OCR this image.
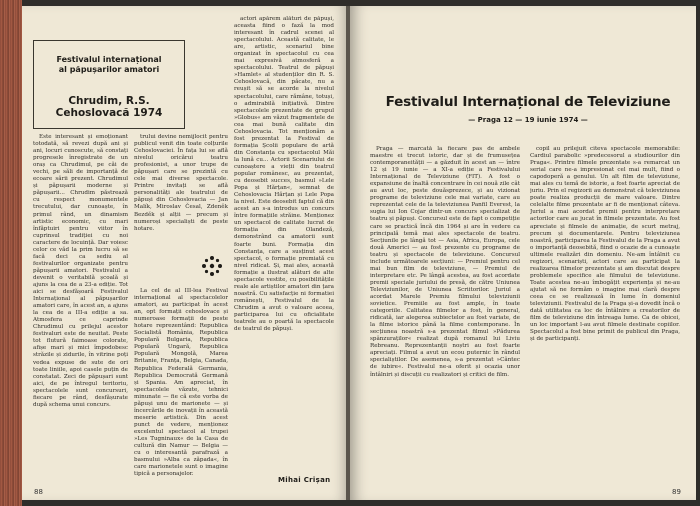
Festivalul internațional
al păpușarilor amatori
Chrudim, R.S. Cehoslovacă 1974

Este interesant și emoționant totodată, să revezi după ani și ani, locuri cunoscute, să constați progresele înregistrate de un oraș ca Chrudimul, pe căi de vechi, pe săli de importanță de ecoare sării prezent. Chrudimul și păpușarii moderne și păpușarii... Chrudim păstrează cu respect monumentele trecutului, dar cunoaște, în primul rând, un dinamism artistic economic, cu mari înfăptuiri pentru viitor în cuprinsul tradiției cu noi caractere de locuință. Dar voiesc celor ce văd la prim lucru să se facă deci ca sediu al festivalurilor organizate pentru păpușarii amatori. Festivalul a devenit o veritabilă școală și ajuns la cea de a 23-a ediție. Tot aici se desfășoară Festivalul Internațional al păpușarilor amatori care, în acest an, a ajuns la cea de a III-a ediție a sa. Atmosfera ce caprinde Chrudimul cu prilejul acestor festivaluri este de neuitat. Peste tot flutură faimoase colorate, afișe mari și mici împodobesc străzile și zidurile, în vitrine poți vedea expuse de sute de ori toate liniile, apoi casele puțin de constatat. Zeci de păpușari sunt aici, de pe întregul teritoriu, spectacolele sunt concursuri, fiecare pe rând, desfășurate după schema unui concurs.

trului devine nemijlocit pentru publicul venit din toate colțurile Cehoslovaciei. În fața lui se află nivelul oricărui teatru profesionist, a unor trupe de păpușari care se prezintă cu cele mai diverse spectacole. Printre invitați se află personalități ale teatrului de păpuși din Cehoslovacia — Jan Malík, Miroslav Česal, Zdeněk Bezděk și alții — precum și numeroși specialiști de peste hotare.

La cel de al III-lea Festival internațional al spectacolelor amatori, au participat în acest an, opt formații cehoslovace și numeroase formații de peste hotare reprezentând: Republica Socialistă România, Republica Populară Bulgaria, Republica Populară Ungară, Republica Populară Mongolă, Marea Britanie, Franța, Belgia, Canada, Republica Federală Germania, Republica Democrată Germană și Spania. Am apreciat, în spectacolele văzute, tehnici minunate — fie că este vorba de păpuși unu de marionete — și încercările de inovații în această meserie artistică. Din acest punct de vedere, menționez excelentul spectacol al trupei »Les Tugninaux« de la Casa de cultură din Namur — Belgia — cu o interesantă parafrază a basmului »Alba ca zăpada«, în care marionetele sunt o imagine tipică a personajelor.

actori apărem alături de păpuși, aceasta fiind o fază la mod interesant în cadrul scenei al spectacolului. Această calitate, le are, artistic, scenariul bine organizat în spectacolul cu cea mai expresivă atmosferă a spectacolului. Teatrul de păpuși »Hamlet« al studenților din R. S. Cehoslovacă, din păcate, nu a reușit să se acorde la nivelul spectacolului, care rămâne, totuși, o admirabilă inițiativă. Dintre spectacolele prezentate de grupul »Globus« am văzut fragmentele de cea mai bună calitate din Cehoslovacia. Tot menționăm a fost prezentat la Festival de formația Școlii populare de artă din Constanța cu spectacolul Măi la lună cu... Actorii Scenariului de cunoaștere a vieții din teatrul popular românesc, au prezentat, cu deosebit succes, basmul »Lele Popa și Hărțan«, semnat de Cehoslovacia Hărțan și Lele Popa la nivel. Este deosebit faptul că din acest an s-a introdus un concurs între formațiile străine. Menționez un spectacol de calitate lucrat de formația din Olandeză, demonstrând ca amatorii sunt foarte buni. Formația din Constanța, care a susținut acest spectacol, o formație premiată cu nivel ridicat. Și, mai ales, această formație a ilustrat alături de alte spectacole vestite, cu posibilitățile reale ale artiștilor amatori din țara noastră. Cu satisfacție ni formatiei românești, Festivalul de la Chrudim a avut o valoare aceea, participarea lui cu oficialitate teatrele au o poartă la spectacole de teatrul de păpuși.

Mihai Crișan
88
Festivalul Internațional de Televiziune
— Praga 12 — 19 iunie 1974 —

Praga — marcată la fiecare pas de ambele maestre ei trecut istoric, dar și de frumusețea contemporaneității — a găzduit în acest an — între 12 și 19 iunie — a XI-a ediție a Festivalului Internațional de Televiziune (FIT). A fost o expansiune de înaltă concentrare în cei nouă zile cât au avut loc, peste douăsprezece, și au vizionat programe de televiziune cele mai variate, care au reprezentat cele de la televiziunea Panfil Everest, la sugia lui Ion Cojar dintr-un concurs specializat de teatru și păpuși. Concursul este de fapt o competiție care se practică încă din 1964 și are în vedere ca principală temă mai ales spectacole de teatru. Secțiunile pe lângă tot — Asia, Africa, Europa, cele două Americi — au fost prezente cu programe de teatru și spectacole de televiziune. Concursul include următoarele secțiuni: — Premiul pentru cel mai bun film de televiziune, — Premiul de interpretare etc. Pe lângă acestea, au fost acordate premii speciale juriului de presă, de către Uniunea Televiziunilor, de Uniunea Scriitorilor. Juriul a acordat Marele Premiu filmului televiziunii sovietice. Premiile au fost ample, în toate categoriile. Calitatea filmelor a fost, în general, ridicată, iar alegerea subiectelor au fost variate, de la filme istorice până la filme contemporane. În secțiunea noastră s-a prezentat filmul »Pădurea spânzuraților« realizat după romanul lui Liviu Rebreanu. Reprezentanții noștri au fost foarte apreciați. Filmul a avut un ecou puternic în rândul specialiștilor. De asemenea, s-a prezentat »Cântec de iubire«. Festivalul ne-a oferit și ocazia unor întâlniri și discuții cu realizatori și critici de film.

copil au prilejuit citeva spectacole memorabile: Cardiul parabolic »predecesorul a studiourilor din Praga«. Printre filmele prezentate s-a remarcat un serial care ne-a impresionat cel mai mult, fiind o capodoperă a genului. Un alt film de televiziune, mai ales cu temă de istorie, a fost foarte apreciat de juriu. Prin el regizorii au demonstrat că televiziunea poate realiza producții de mare valoare. Dintre celelalte filme prezentate ar fi de menționat câteva. Juriul a mai acordat premii pentru interpretare actorilor care au jucat în filmele prezentate. Au fost apreciate și filmele de animație, de scurt metraj, precum și documentarele. Pentru televiziunea noastră, participarea la Festivalul de la Praga a avut o importanță deosebită, fiind o ocazie de a cunoaște ultimele realizări din domeniu. Ne-am întâlnit cu regizori, scenariști, actori care au participat la realizarea filmelor prezentate și am discutat despre problemele specifice ale filmului de televiziune. Toate acestea ne-au îmbogățit experiența și ne-au ajutat să ne formăm o imagine mai clară despre ceea ce se realizează în lume în domeniul televiziunii. Festivalul de la Praga și-a dovedit încă o dată utilitatea ca loc de întâlnire a creatorilor de film de televiziune din întreaga lume. Ca de obicei, un loc important l-au avut filmele destinate copiilor. Spectacolul a fost bine primit de publicul din Praga, și de participanți.

89
